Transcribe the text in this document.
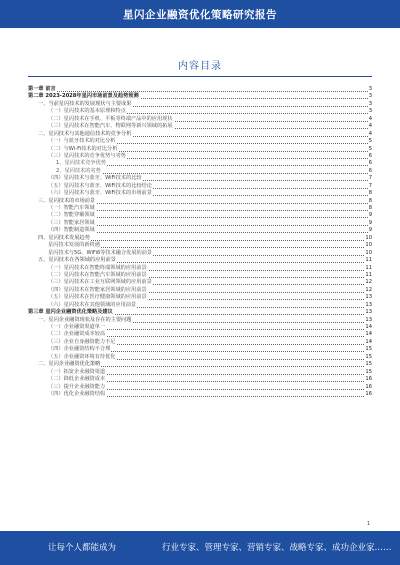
星闪企业融资优化策略研究报告
内容目录
第一章 前言	3
第二章 2023-2028年星闪市场前景及趋势预测	3
一、当前星闪技术的发展现状与主要成果	3
（一）星闪技术的基本原理和特点	3
（二）星闪技术在手机、平板等终端产品中的应用现状	4
（三）星闪技术在智能汽车、物联网等新兴领域的拓展	4
二、星闪技术与其他通信技术的竞争分析	4
（一）与蓝牙技术的对比分析	5
（二）与Wi-Fi技术的对比分析	5
（三）星闪技术的竞争优势与劣势	6
1、星闪技术竞争优势	6
2、星闪技术的劣势	6
（四）星闪技术与蓝牙、WiFi技术的比较	7
（五）星闪技术与蓝牙、WiFi技术的比较结论	7
（六）星闪技术与蓝牙、WiFi技术的市场前景	8
三、星闪技术的市场前景	8
（一）智能汽车领域	8
（二）智能穿戴领域	9
（三）智能家居领域	9
（四）智能制造领域	9
四、星闪技术发展趋势	10
星闪技术发展的新机遇	10
星闪技术与5G、WiFi6等技术融合发展的前景	10
五、星闪技术在各领域的应用前景	11
（一）星闪技术在智能终端领域的应用前景	11
（二）星闪技术在智能汽车领域的应用前景	11
（三）星闪技术在工业互联网领域的应用前景	12
（四）星闪技术在智能家居领域的应用前景	12
（五）星闪技术在医疗健康领域的应用前景	13
（六）星闪技术在其他领域的应用前景	13
第三章 星闪企业融资优化策略及建议	13
一、星闪企业融资现状及存在的主要问题	13
（一）企业融资渠道单一	14
（二）企业融资成本较高	14
（三）企业自身融资能力不足	14
（四）企业融资结构不合理	15
（五）企业融资环境有待优化	15
二、星闪企业融资优化策略	15
（一）拓宽企业融资渠道	15
（二）降低企业融资成本	16
（三）提升企业融资能力	16
（四）优化企业融资结构	16
1
让每个人都能成为	行业专家、管理专家、营销专家、战略专家、成功企业家……
